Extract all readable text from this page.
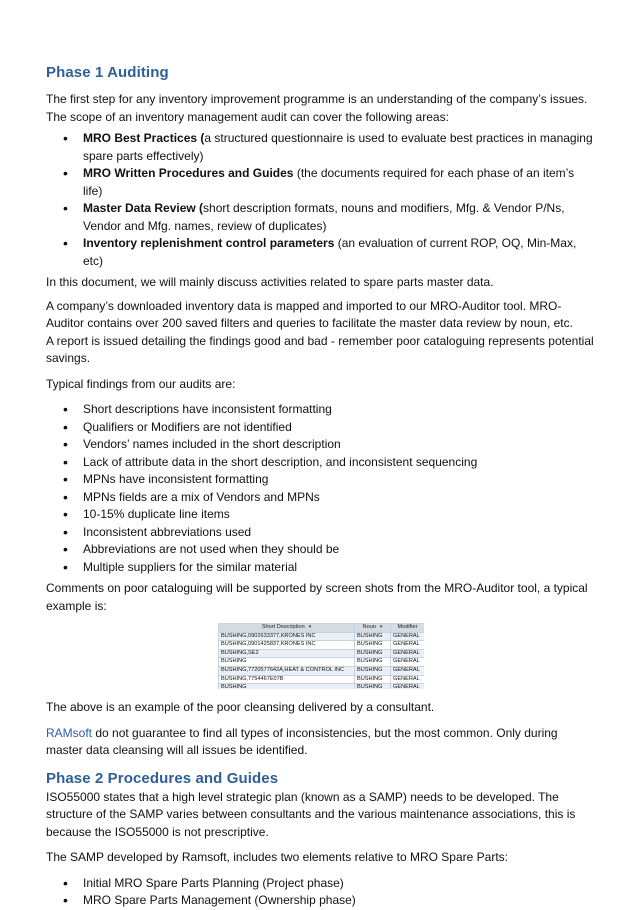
Phase 1 Auditing

The first step for any inventory improvement programme is an understanding of the company’s issues. The scope of an inventory management audit can cover the following areas:

• MRO Best Practices (a structured questionnaire is used to evaluate best practices in managing spare parts effectively)
• MRO Written Procedures and Guides (the documents required for each phase of an item’s life)
• Master Data Review (short description formats, nouns and modifiers, Mfg. & Vendor P/Ns, Vendor and Mfg. names, review of duplicates)
• Inventory replenishment control parameters (an evaluation of current ROP, OQ, Min-Max, etc)

In this document, we will mainly discuss activities related to spare parts master data.

A company’s downloaded inventory data is mapped and imported to our MRO-Auditor tool. MRO-Auditor contains over 200 saved filters and queries to facilitate the master data review by noun, etc.

A report is issued detailing the findings good and bad - remember poor cataloguing represents potential savings.

Typical findings from our audits are:

• Short descriptions have inconsistent formatting
• Qualifiers or Modifiers are not identified
• Vendors’ names included in the short description
• Lack of attribute data in the short description, and inconsistent sequencing
• MPNs have inconsistent formatting
• MPNs fields are a mix of Vendors and MPNs
• 10-15% duplicate line items
• Inconsistent abbreviations used
• Abbreviations are not used when they should be
• Multiple suppliers for the similar material

Comments on poor cataloguing will be supported by screen shots from the MRO-Auditor tool, a typical example is:

Short Description ▾	Noun ▾	Modifier
BUSHING,0902633377,KRONES INC	BUSHING	GENERAL
BUSHING,0901425837,KRONES INC	BUSHING	GENERAL
BUSHING,SE2	BUSHING	GENERAL
BUSHING	BUSHING	GENERAL
BUSHING,7720577642A,HEAT & CONTROL INC	BUSHING	GENERAL
BUSHING,7754467E07B	BUSHING	GENERAL
BUSHING	BUSHING	GENERAL

The above is an example of the poor cleansing delivered by a consultant.

RAMsoft do not guarantee to find all types of inconsistencies, but the most common. Only during master data cleansing will all issues be identified.

Phase 2 Procedures and Guides

ISO55000 states that a high level strategic plan (known as a SAMP) needs to be developed. The structure of the SAMP varies between consultants and the various maintenance associations, this is because the ISO55000 is not prescriptive.

The SAMP developed by Ramsoft, includes two elements relative to MRO Spare Parts:

• Initial MRO Spare Parts Planning (Project phase)
• MRO Spare Parts Management (Ownership phase)
